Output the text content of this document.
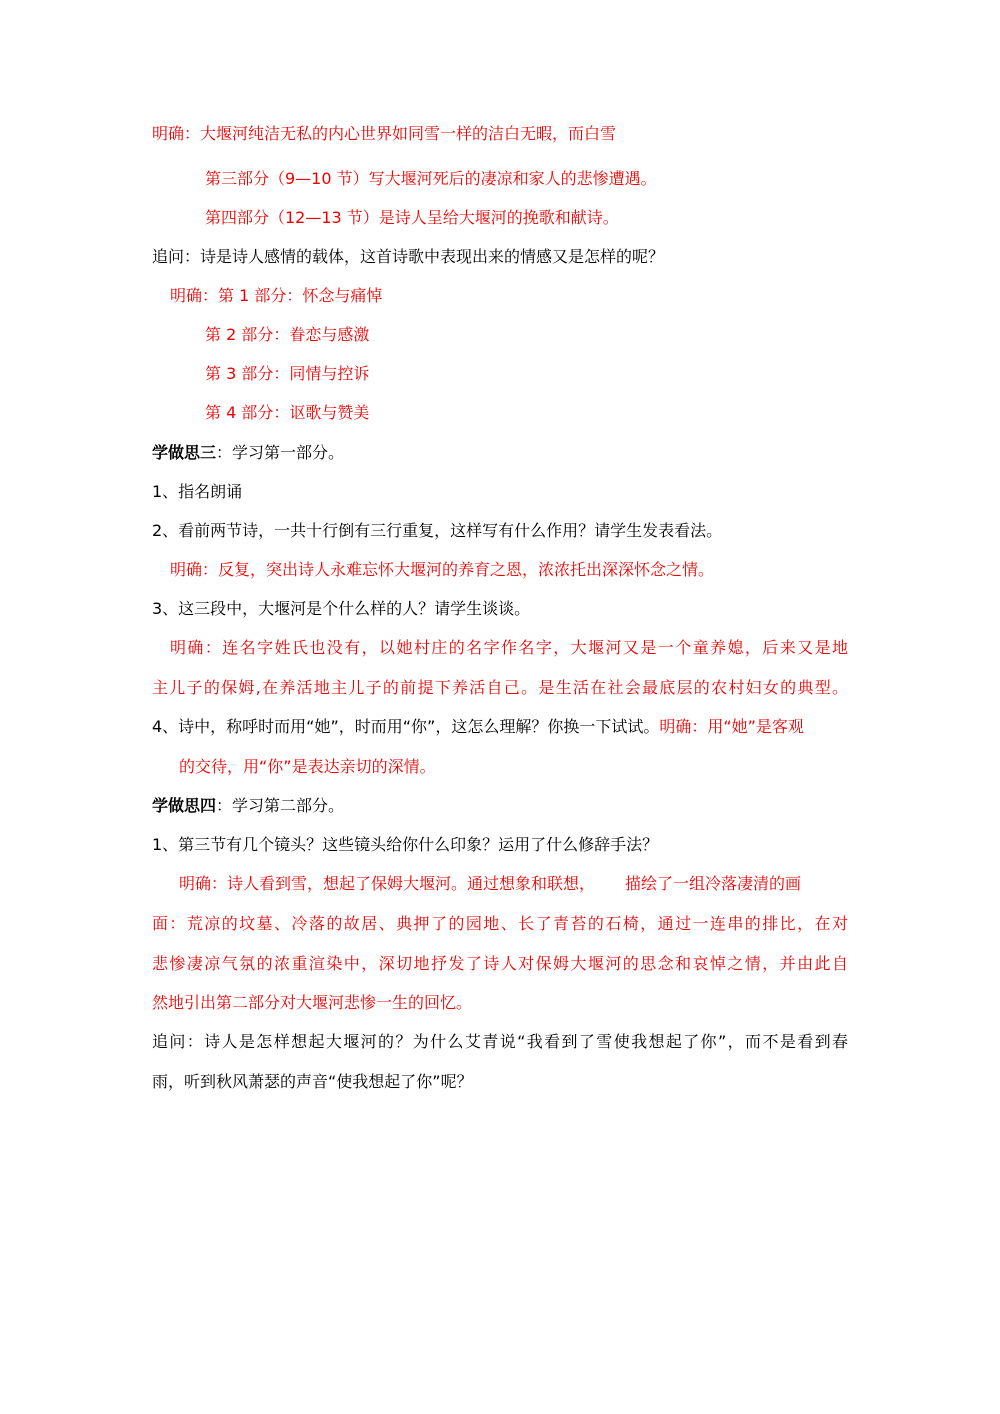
明确：大堰河纯洁无私的内心世界如同雪一样的洁白无暇，而白雪
第三部分（9—10 节）写大堰河死后的凄凉和家人的悲惨遭遇。
第四部分（12—13 节）是诗人呈给大堰河的挽歌和献诗。
追问：诗是诗人感情的载体，这首诗歌中表现出来的情感又是怎样的呢？
明确：第 1 部分：怀念与痛悼
第 2 部分：眷恋与感激
第 3 部分：同情与控诉
第 4 部分：讴歌与赞美
学做思三：学习第一部分。
1、指名朗诵
2、看前两节诗，一共十行倒有三行重复，这样写有什么作用？请学生发表看法。
明确：反复，突出诗人永难忘怀大堰河的养育之恩，浓浓托出深深怀念之情。
3、这三段中，大堰河是个什么样的人？请学生谈谈。
明确：连名字姓氏也没有，以她村庄的名字作名字，大堰河又是一个童养媳，后来又是地
主儿子的保姆,在养活地主儿子的前提下养活自己。是生活在社会最底层的农村妇女的典型。
4、诗中，称呼时而用“她”，时而用“你”，这怎么理解？你换一下试试。明确：用“她”是客观
的交待，用“你”是表达亲切的深情。
学做思四：学习第二部分。
1、第三节有几个镜头？这些镜头给你什么印象？运用了什么修辞手法？
明确：诗人看到雪，想起了保姆大堰河。通过想象和联想， 描绘了一组冷落凄清的画
面：荒凉的坟墓、冷落的故居、典押了的园地、长了青苔的石椅，通过一连串的排比，在对
悲惨凄凉气氛的浓重渲染中，深切地抒发了诗人对保姆大堰河的思念和哀悼之情，并由此自
然地引出第二部分对大堰河悲惨一生的回忆。
追问：诗人是怎样想起大堰河的？为什么艾青说“我看到了雪使我想起了你”，而不是看到春
雨，听到秋风萧瑟的声音“使我想起了你”呢？
